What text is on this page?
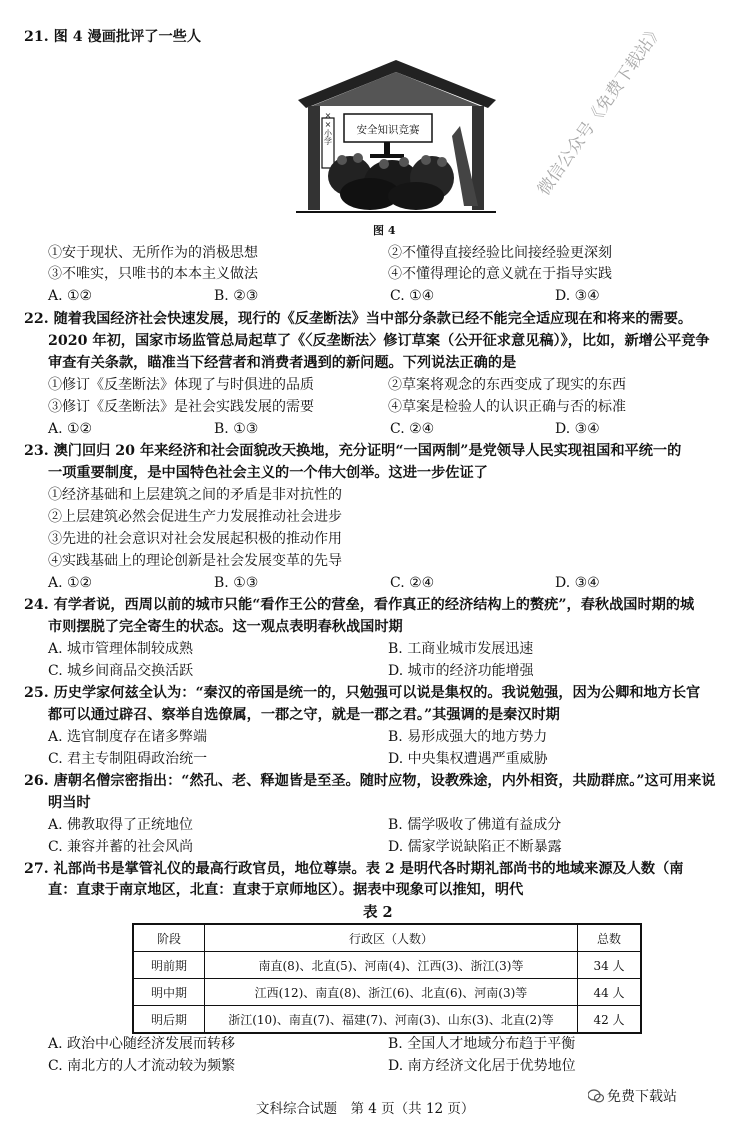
21. 图 4 漫画批评了一些人
安全知识竞赛
××小学
图 4
微信公众号《免费下载站》
①安于现状、无所作为的消极思想	②不懂得直接经验比间接经验更深刻
③不唯实，只唯书的本本主义做法	④不懂得理论的意义就在于指导实践
A. ①②	B. ②③	C. ①④	D. ③④
22. 随着我国经济社会快速发展，现行的《反垄断法》当中部分条款已经不能完全适应现在和将来的需要。
2020 年初，国家市场监管总局起草了《〈反垄断法〉修订草案（公开征求意见稿）》，比如，新增公平竞争
审查有关条款，瞄准当下经营者和消费者遇到的新问题。下列说法正确的是
①修订《反垄断法》体现了与时俱进的品质	②草案将观念的东西变成了现实的东西
③修订《反垄断法》是社会实践发展的需要	④草案是检验人的认识正确与否的标准
A. ①②	B. ①③	C. ②④	D. ③④
23. 澳门回归 20 年来经济和社会面貌改天换地，充分证明“一国两制”是党领导人民实现祖国和平统一的
一项重要制度，是中国特色社会主义的一个伟大创举。这进一步佐证了
①经济基础和上层建筑之间的矛盾是非对抗性的
②上层建筑必然会促进生产力发展推动社会进步
③先进的社会意识对社会发展起积极的推动作用
④实践基础上的理论创新是社会发展变革的先导
A. ①②	B. ①③	C. ②④	D. ③④
24. 有学者说，西周以前的城市只能“看作王公的营垒，看作真正的经济结构上的赘疣”，春秋战国时期的城
市则摆脱了完全寄生的状态。这一观点表明春秋战国时期
A. 城市管理体制较成熟	B. 工商业城市发展迅速
C. 城乡间商品交换活跃	D. 城市的经济功能增强
25. 历史学家何兹全认为：“秦汉的帝国是统一的，只勉强可以说是集权的。我说勉强，因为公卿和地方长官
都可以通过辟召、察举自选僚属，一郡之守，就是一郡之君。”其强调的是秦汉时期
A. 选官制度存在诸多弊端	B. 易形成强大的地方势力
C. 君主专制阻碍政治统一	D. 中央集权遭遇严重威胁
26. 唐朝名僧宗密指出：“然孔、老、释迦皆是至圣。随时应物，设教殊途，内外相资，共励群庶。”这可用来说
明当时
A. 佛教取得了正统地位	B. 儒学吸收了佛道有益成分
C. 兼容并蓄的社会风尚	D. 儒家学说缺陷正不断暴露
27. 礼部尚书是掌管礼仪的最高行政官员，地位尊崇。表 2 是明代各时期礼部尚书的地域来源及人数（南
直：直隶于南京地区，北直：直隶于京师地区）。据表中现象可以推知，明代
表 2
阶段	行政区（人数）	总数
明前期	南直(8)、北直(5)、河南(4)、江西(3)、浙江(3)等	34 人
明中期	江西(12)、南直(8)、浙江(6)、北直(6)、河南(3)等	44 人
明后期	浙江(10)、南直(7)、福建(7)、河南(3)、山东(3)、北直(2)等	42 人
A. 政治中心随经济发展而转移	B. 全国人才地域分布趋于平衡
C. 南北方的人才流动较为频繁	D. 南方经济文化居于优势地位
文科综合试题　第 4 页（共 12 页）
免费下载站
